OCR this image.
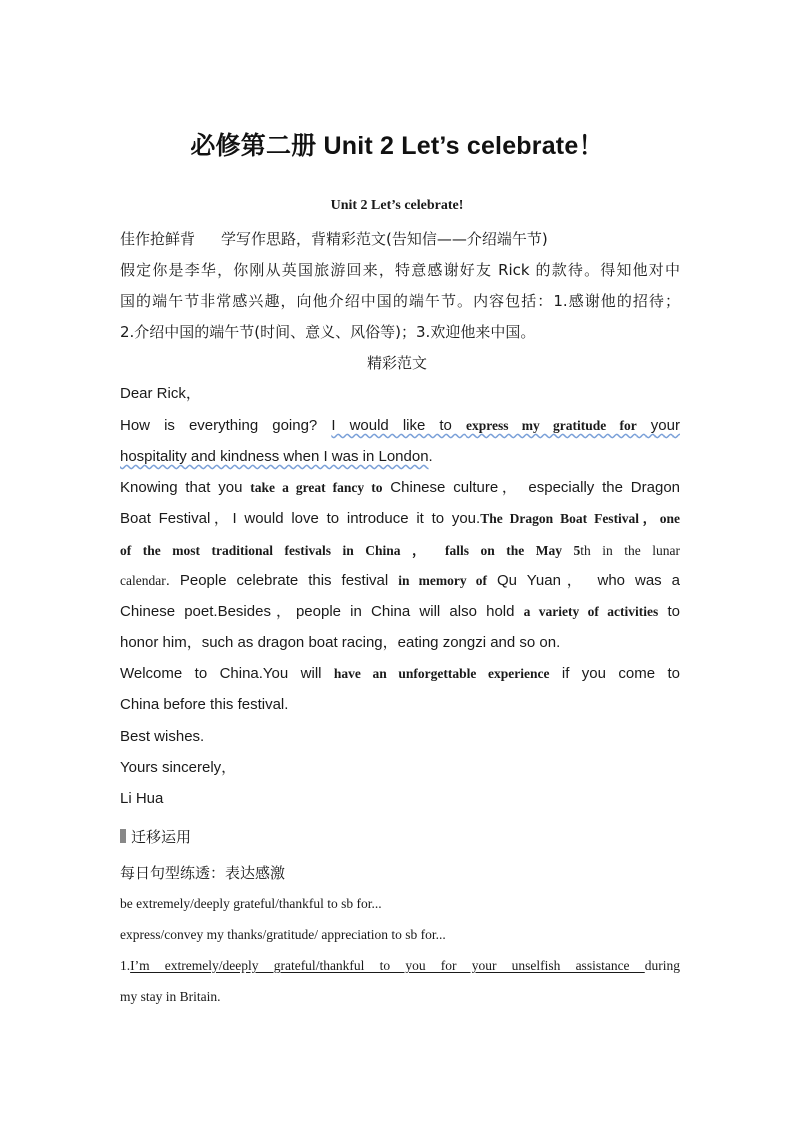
必修第二册 Unit 2 Let’s celebrate！
Unit 2 Let’s celebrate!
佳作抢鲜背 学写作思路，背精彩范文(告知信——介绍端午节)
假定你是李华，你刚从英国旅游回来，特意感谢好友 Rick 的款待。得知他对中
国的端午节非常感兴趣，向他介绍中国的端午节。内容包括：1.感谢他的招待；
2.介绍中国的端午节(时间、意义、风俗等)；3.欢迎他来中国。
精彩范文
Dear Rick，
How is everything going? I would like to express my gratitude for your
hospitality and kindness when I was in London.
Knowing that you take a great fancy to Chinese culture， especially the Dragon
Boat Festival，I would love to introduce it to you.The Dragon Boat Festival，one
of the most traditional festivals in China ， falls on the May 5th in the lunar
calendar. People celebrate this festival in memory of Qu Yuan， who was a
Chinese poet.Besides，people in China will also hold a variety of activities to
honor him，such as dragon boat racing，eating zongzi and so on.
Welcome to China.You will have an unforgettable experience if you come to
China before this festival.
Best wishes.
Yours sincerely，
Li Hua
迁移运用
每日句型练透：表达感激
be extremely/deeply grateful/thankful to sb for...
express/convey my thanks/gratitude/ appreciation to sb for...
1.I’m extremely/deeply grateful/thankful to you for your unselfish assistance during
my stay in Britain.
